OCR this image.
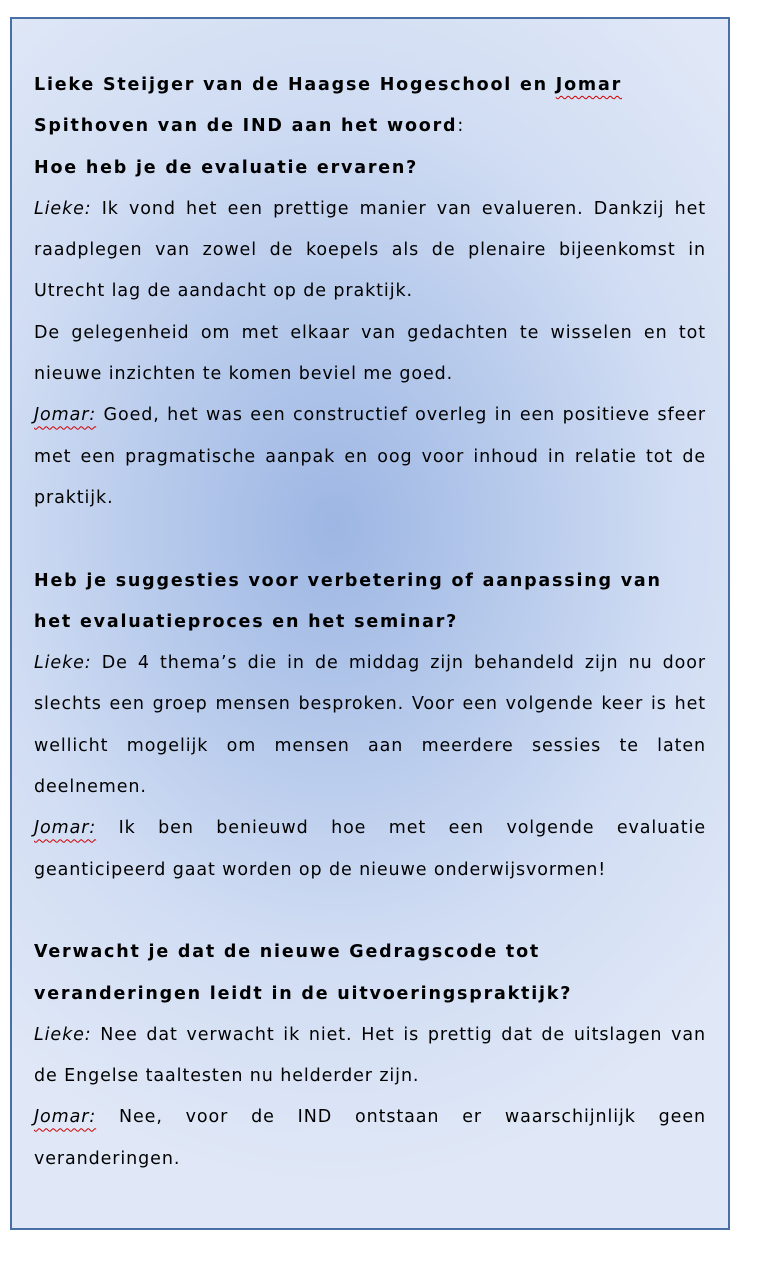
Lieke Steijger van de Haagse Hogeschool en Jomar Spithoven van de IND aan het woord:
Hoe heb je de evaluatie ervaren?
Lieke: Ik vond het een prettige manier van evalueren. Dankzij het raadplegen van zowel de koepels als de plenaire bijeenkomst in Utrecht lag de aandacht op de praktijk.
De gelegenheid om met elkaar van gedachten te wisselen en tot nieuwe inzichten te komen beviel me goed.
Jomar: Goed, het was een constructief overleg in een positieve sfeer met een pragmatische aanpak en oog voor inhoud in relatie tot de praktijk.
Heb je suggesties voor verbetering of aanpassing van het evaluatieproces en het seminar?
Lieke: De 4 thema’s die in de middag zijn behandeld zijn nu door slechts een groep mensen besproken. Voor een volgende keer is het wellicht mogelijk om mensen aan meerdere sessies te laten deelnemen.
Jomar: Ik ben benieuwd hoe met een volgende evaluatie geanticipeerd gaat worden op de nieuwe onderwijsvormen!
Verwacht je dat de nieuwe Gedragscode tot veranderingen leidt in de uitvoeringspraktijk?
Lieke: Nee dat verwacht ik niet. Het is prettig dat de uitslagen van de Engelse taaltesten nu helderder zijn.
Jomar: Nee, voor de IND ontstaan er waarschijnlijk geen veranderingen.
